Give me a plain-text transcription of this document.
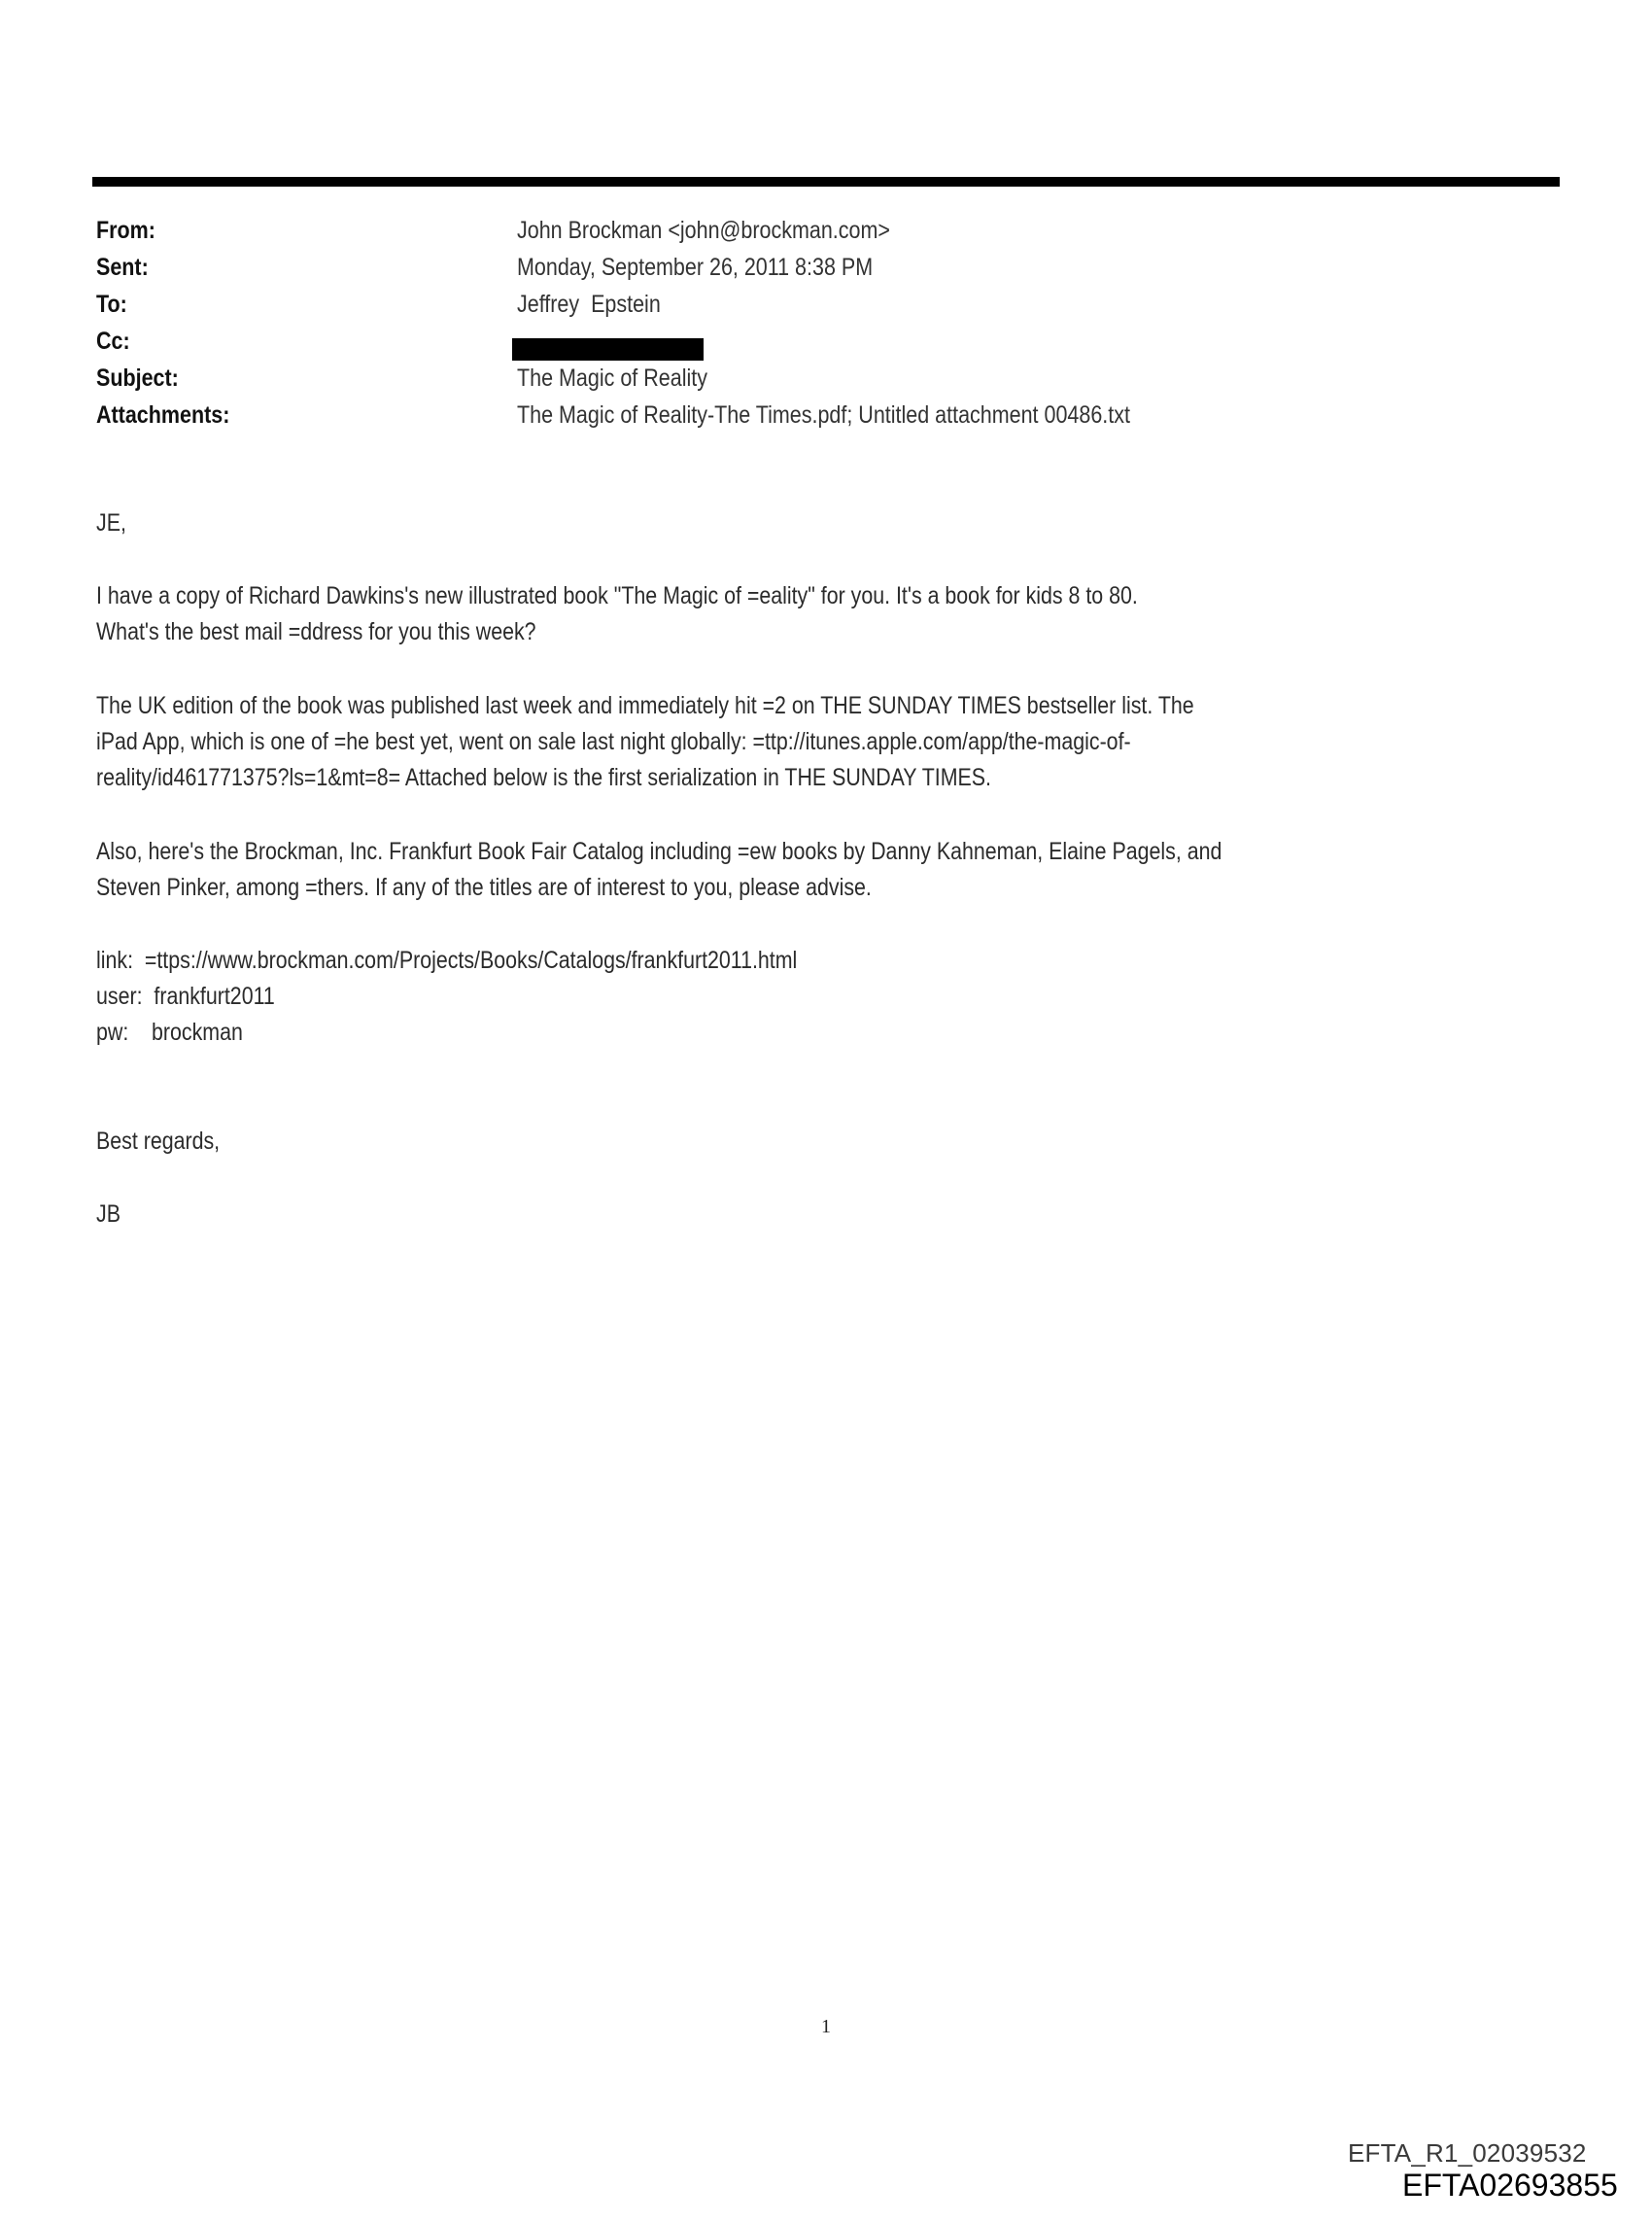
From:	John Brockman <john@brockman.com>
Sent:	Monday, September 26, 2011 8:38 PM
To:	Jeffrey  Epstein
Cc:
Subject:	The Magic of Reality
Attachments:	The Magic of Reality-The Times.pdf; Untitled attachment 00486.txt
JE,
I have a copy of Richard Dawkins's new illustrated book "The Magic of =eality" for you. It's a book for kids 8 to 80.
What's the best mail =ddress for you this week?
The UK edition of the book was published last week and immediately hit =2 on THE SUNDAY TIMES bestseller list. The
iPad App, which is one of =he best yet, went on sale last night globally: =ttp://itunes.apple.com/app/the-magic-of-
reality/id461771375?ls=1&mt=8= Attached below is the first serialization in THE SUNDAY TIMES.
Also, here's the Brockman, Inc. Frankfurt Book Fair Catalog including =ew books by Danny Kahneman, Elaine Pagels, and
Steven Pinker, among =thers. If any of the titles are of interest to you, please advise.
link:  =ttps://www.brockman.com/Projects/Books/Catalogs/frankfurt2011.html
user:  frankfurt2011
pw:    brockman
Best regards,
JB
1
EFTA_R1_02039532
EFTA02693855
